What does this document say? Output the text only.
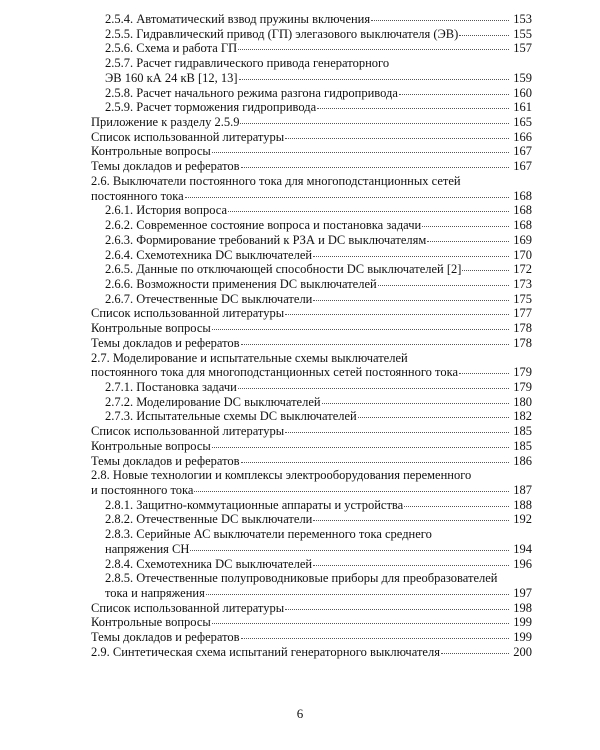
2.5.4. Автоматический взвод пружины включения	153
2.5.5. Гидравлический привод (ГП) элегазового выключателя (ЭВ)	155
2.5.6. Схема и работа ГП	157
2.5.7. Расчет гидравлического привода генераторного
ЭВ 160 кА 24 кВ [12, 13]	159
2.5.8. Расчет начального режима разгона гидропривода	160
2.5.9. Расчет торможения гидропривода	161
Приложение к разделу 2.5.9	165
Список использованной литературы	166
Контрольные вопросы	167
Темы докладов и рефератов	167
2.6. Выключатели постоянного тока для многоподстанционных сетей
постоянного тока	168
2.6.1. История вопроса	168
2.6.2. Современное состояние вопроса и постановка задачи	168
2.6.3. Формирование требований к РЗА и DC выключателям	169
2.6.4. Схемотехника DC выключателей	170
2.6.5. Данные по отключающей способности DC выключателей [2]	172
2.6.6. Возможности применения DC выключателей	173
2.6.7. Отечественные DC выключатели	175
Список использованной литературы	177
Контрольные вопросы	178
Темы докладов и рефератов	178
2.7. Моделирование и испытательные схемы выключателей
постоянного тока для многоподстанционных сетей постоянного тока	179
2.7.1. Постановка задачи	179
2.7.2. Моделирование DC выключателей	180
2.7.3. Испытательные схемы DC выключателей	182
Список использованной литературы	185
Контрольные вопросы	185
Темы докладов и рефератов	186
2.8. Новые технологии и комплексы электрооборудования переменного
и постоянного тока	187
2.8.1. Защитно-коммутационные аппараты и устройства	188
2.8.2. Отечественные DC выключатели	192
2.8.3. Серийные АС выключатели переменного тока среднего
напряжения СН	194
2.8.4. Схемотехника DC выключателей	196
2.8.5. Отечественные полупроводниковые приборы для преобразователей
тока и напряжения	197
Список использованной литературы	198
Контрольные вопросы	199
Темы докладов и рефератов	199
2.9. Синтетическая схема испытаний генераторного выключателя	200
6
